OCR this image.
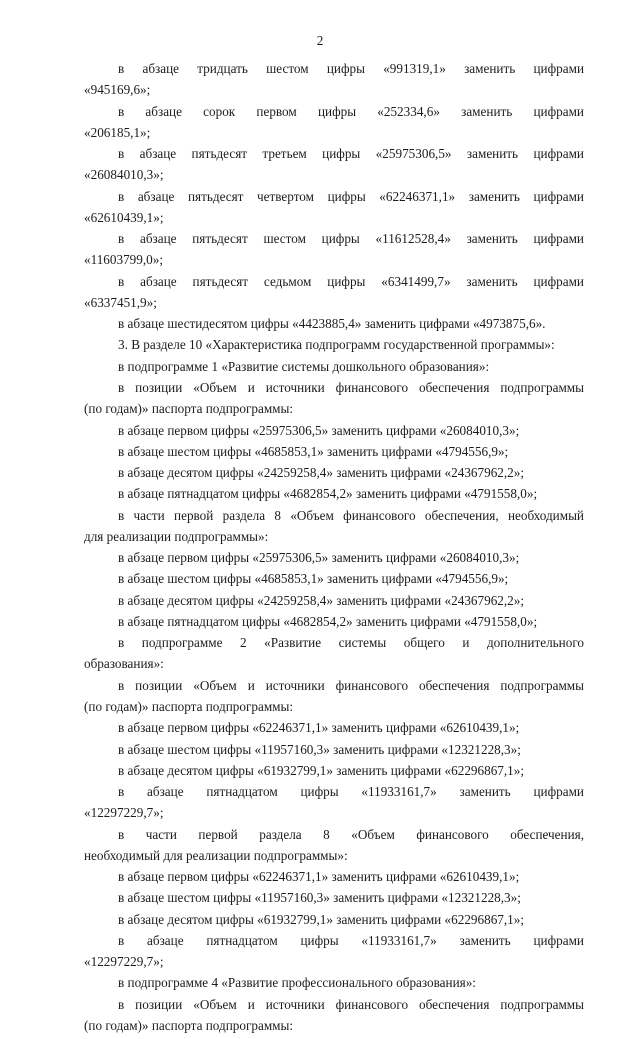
2
в абзаце тридцать шестом цифры «991319,1» заменить цифрами
«945169,6»;
в абзаце сорок первом цифры «252334,6» заменить цифрами
«206185,1»;
в абзаце пятьдесят третьем цифры «25975306,5» заменить цифрами
«26084010,3»;
в абзаце пятьдесят четвертом цифры «62246371,1» заменить цифрами
«62610439,1»;
в абзаце пятьдесят шестом цифры «11612528,4» заменить цифрами
«11603799,0»;
в абзаце пятьдесят седьмом цифры «6341499,7» заменить цифрами
«6337451,9»;
в абзаце шестидесятом цифры «4423885,4» заменить цифрами «4973875,6».
3. В разделе 10 «Характеристика подпрограмм государственной программы»:
в подпрограмме 1 «Развитие системы дошкольного образования»:
в позиции «Объем и источники финансового обеспечения подпрограммы
(по годам)» паспорта подпрограммы:
в абзаце первом цифры «25975306,5» заменить цифрами «26084010,3»;
в абзаце шестом цифры «4685853,1» заменить цифрами «4794556,9»;
в абзаце десятом цифры «24259258,4» заменить цифрами «24367962,2»;
в абзаце пятнадцатом цифры «4682854,2» заменить цифрами «4791558,0»;
в части первой раздела 8 «Объем финансового обеспечения, необходимый
для реализации подпрограммы»:
в абзаце первом цифры «25975306,5» заменить цифрами «26084010,3»;
в абзаце шестом цифры «4685853,1» заменить цифрами «4794556,9»;
в абзаце десятом цифры «24259258,4» заменить цифрами «24367962,2»;
в абзаце пятнадцатом цифры «4682854,2» заменить цифрами «4791558,0»;
в подпрограмме 2 «Развитие системы общего и дополнительного
образования»:
в позиции «Объем и источники финансового обеспечения подпрограммы
(по годам)» паспорта подпрограммы:
в абзаце первом цифры «62246371,1» заменить цифрами «62610439,1»;
в абзаце шестом цифры «11957160,3» заменить цифрами «12321228,3»;
в абзаце десятом цифры «61932799,1» заменить цифрами «62296867,1»;
в абзаце пятнадцатом цифры «11933161,7» заменить цифрами
«12297229,7»;
в части первой раздела 8 «Объем финансового обеспечения,
необходимый для реализации подпрограммы»:
в абзаце первом цифры «62246371,1» заменить цифрами «62610439,1»;
в абзаце шестом цифры «11957160,3» заменить цифрами «12321228,3»;
в абзаце десятом цифры «61932799,1» заменить цифрами «62296867,1»;
в абзаце пятнадцатом цифры «11933161,7» заменить цифрами
«12297229,7»;
в подпрограмме 4 «Развитие профессионального образования»:
в позиции «Объем и источники финансового обеспечения подпрограммы
(по годам)» паспорта подпрограммы:
